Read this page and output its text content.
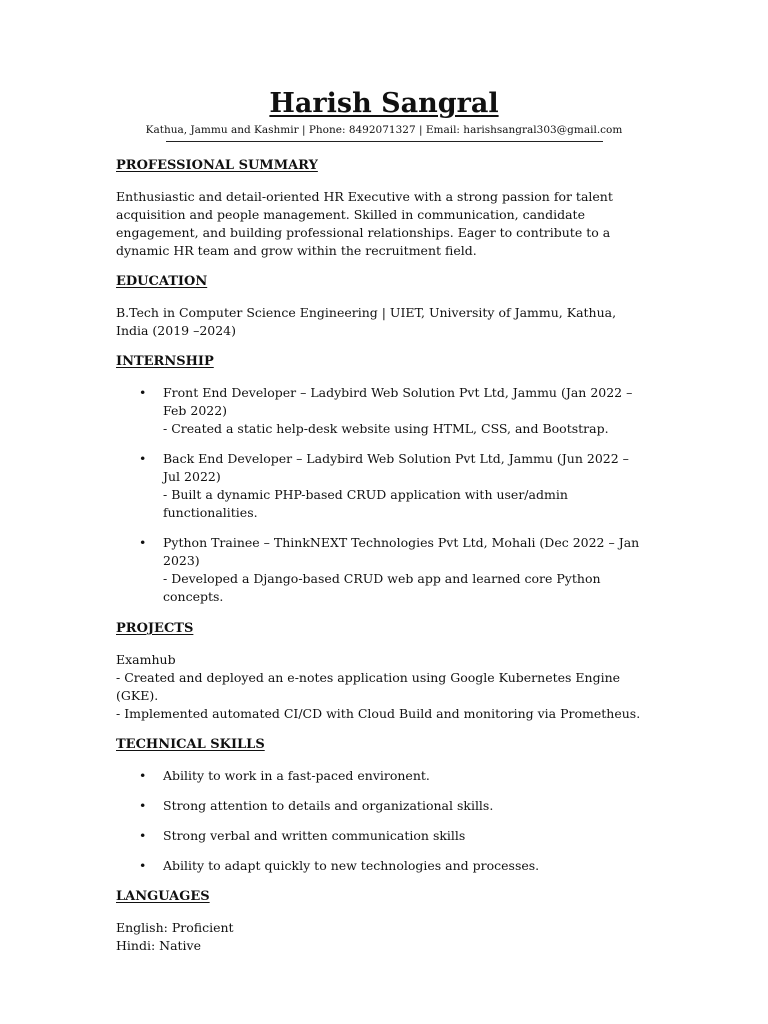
Harish Sangral
Kathua, Jammu and Kashmir | Phone: 8492071327 | Email: harishsangral303@gmail.com
PROFESSIONAL SUMMARY

Enthusiastic and detail-oriented HR Executive with a strong passion for talent acquisition and people management. Skilled in communication, candidate engagement, and building professional relationships. Eager to contribute to a dynamic HR team and grow within the recruitment field.

EDUCATION

B.Tech in Computer Science Engineering | UIET, University of Jammu, Kathua, India (2019 –2024)

INTERNSHIP
• Front End Developer – Ladybird Web Solution Pvt Ltd, Jammu (Jan 2022 – Feb 2022)
- Created a static help-desk website using HTML, CSS, and Bootstrap.
• Back End Developer – Ladybird Web Solution Pvt Ltd, Jammu (Jun 2022 – Jul 2022)
- Built a dynamic PHP-based CRUD application with user/admin functionalities.
• Python Trainee – ThinkNEXT Technologies Pvt Ltd, Mohali (Dec 2022 – Jan 2023)
- Developed a Django-based CRUD web app and learned core Python concepts.
PROJECTS
Examhub
- Created and deployed an e-notes application using Google Kubernetes Engine (GKE).
- Implemented automated CI/CD with Cloud Build and monitoring via Prometheus.
TECHNICAL SKILLS
• Ability to work in a fast-paced environent.
• Strong attention to details and organizational skills.
• Strong verbal and written communication skills
• Ability to adapt quickly to new technologies and processes.
LANGUAGES
English: Proficient
Hindi: Native
